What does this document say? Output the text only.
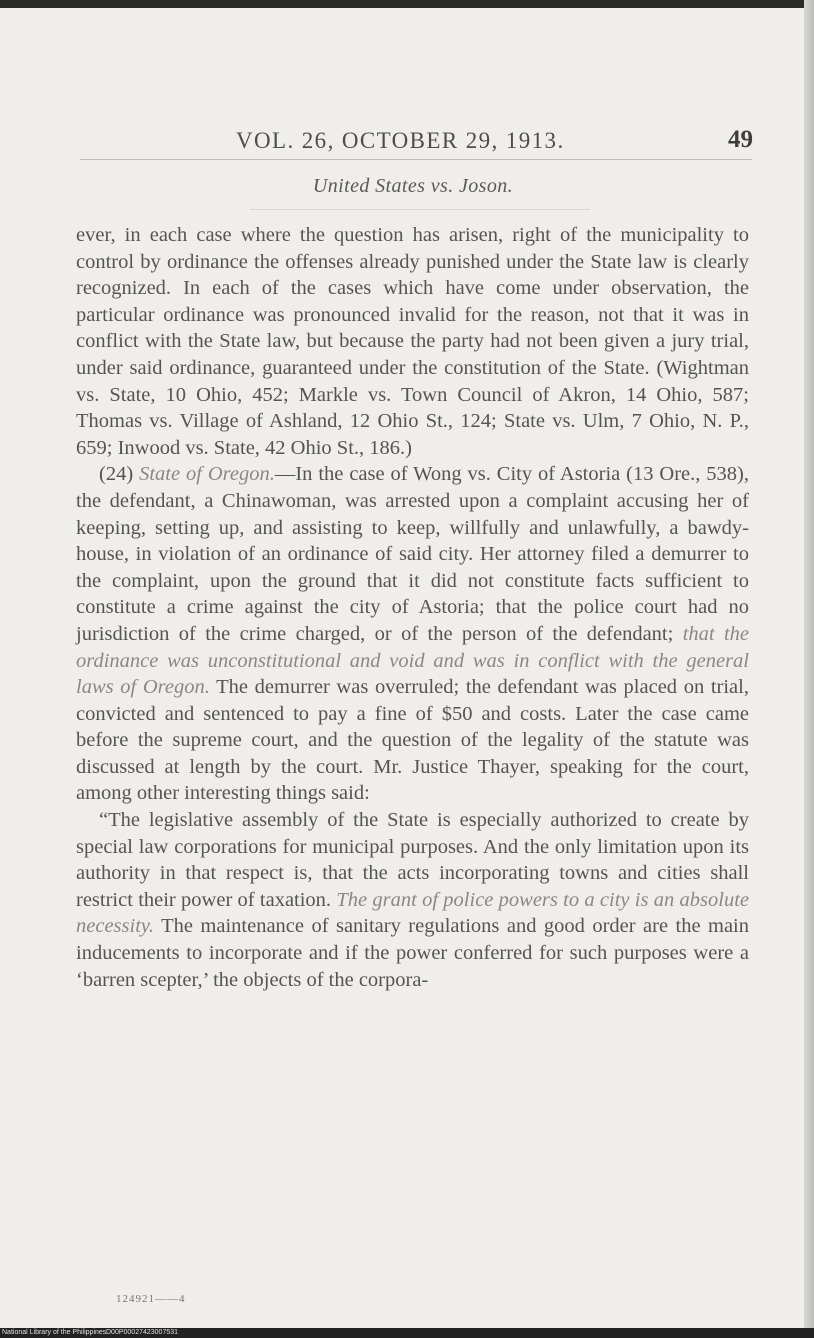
VOL. 26, OCTOBER 29, 1913.	49
United States vs. Joson.

ever, in each case where the question has arisen, right of the municipality to control by ordinance the offenses already punished under the State law is clearly recognized. In each of the cases which have come under observation, the particular ordinance was pronounced invalid for the reason, not that it was in conflict with the State law, but because the party had not been given a jury trial, under said ordinance, guaranteed under the constitution of the State. (Wightman vs. State, 10 Ohio, 452; Markle vs. Town Council of Akron, 14 Ohio, 587; Thomas vs. Village of Ashland, 12 Ohio St., 124; State vs. Ulm, 7 Ohio, N. P., 659; Inwood vs. State, 42 Ohio St., 186.)

(24) State of Oregon.—In the case of Wong vs. City of Astoria (13 Ore., 538), the defendant, a Chinawoman, was arrested upon a complaint accusing her of keeping, setting up, and assisting to keep, willfully and unlawfully, a bawdy-house, in violation of an ordinance of said city. Her attorney filed a demurrer to the complaint, upon the ground that it did not constitute facts sufficient to constitute a crime against the city of Astoria; that the police court had no jurisdiction of the crime charged, or of the person of the defendant; that the ordinance was unconstitutional and void and was in conflict with the general laws of Oregon. The demurrer was overruled; the defendant was placed on trial, convicted and sentenced to pay a fine of $50 and costs. Later the case came before the supreme court, and the question of the legality of the statute was discussed at length by the court. Mr. Justice Thayer, speaking for the court, among other interesting things said:

“The legislative assembly of the State is especially authorized to create by special law corporations for municipal purposes. And the only limitation upon its authority in that respect is, that the acts incorporating towns and cities shall restrict their power of taxation. The grant of police powers to a city is an absolute necessity. The maintenance of sanitary regulations and good order are the main inducements to incorporate and if the power conferred for such purposes were a ‘barren scepter,’ the objects of the corpora-

124921——4
National Library of the Philippines D00P0002742300753​1
